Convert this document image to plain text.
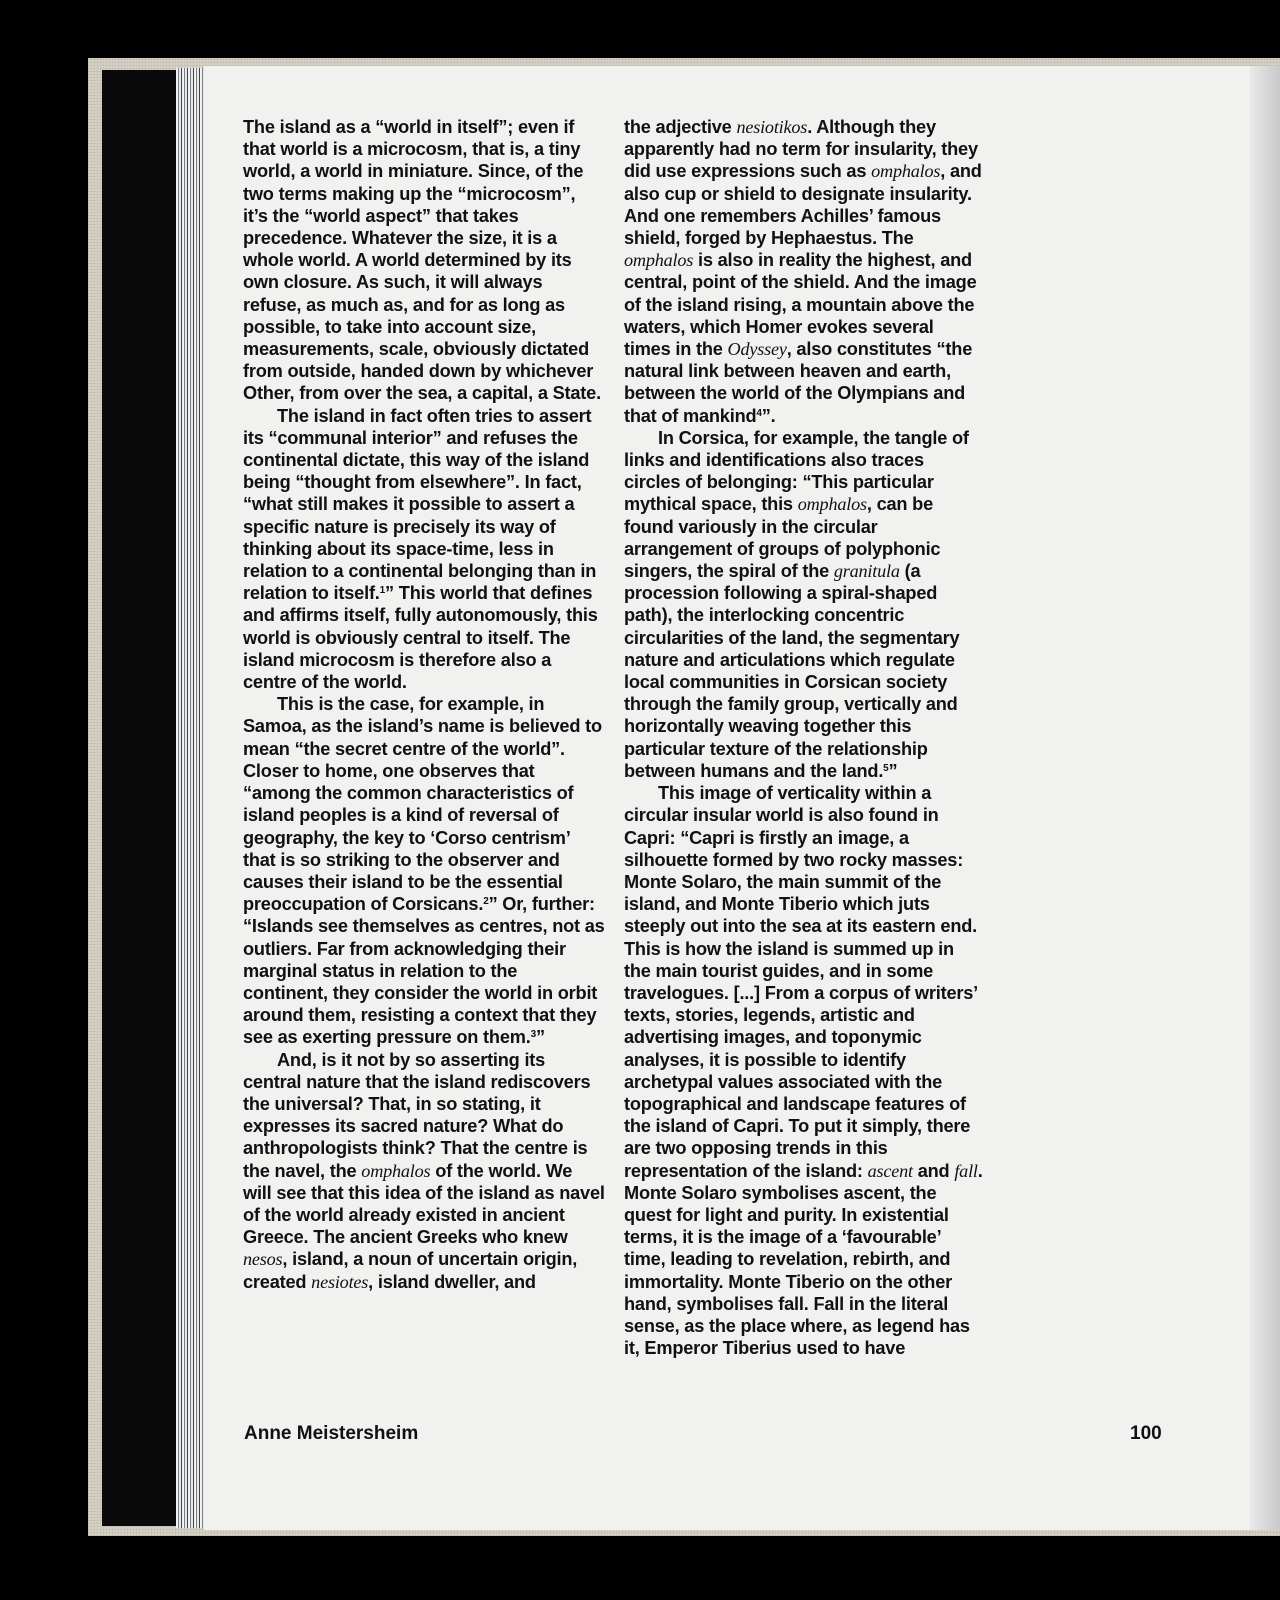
The island as a “world in itself”; even if that world is a microcosm, that is, a tiny world, a world in miniature. Since, of the two terms making up the “microcosm”, it’s the “world aspect” that takes precedence. Whatever the size, it is a whole world. A world determined by its own closure. As such, it will always refuse, as much as, and for as long as possible, to take into account size, measurements, scale, obviously dictated from outside, handed down by whichever Other, from over the sea, a capital, a State.

The island in fact often tries to assert its “communal interior” and refuses the continental dictate, this way of the island being “thought from elsewhere”. In fact, “what still makes it possible to assert a specific nature is precisely its way of thinking about its space-time, less in relation to a continental belonging than in relation to itself.$^1$” This world that defines and affirms itself, fully autonomously, this world is obviously central to itself. The island microcosm is therefore also a centre of the world.

This is the case, for example, in Samoa, as the island’s name is believed to mean “the secret centre of the world”. Closer to home, one observes that “among the common characteristics of island peoples is a kind of reversal of geography, the key to ‘Corso centrism’ that is so striking to the observer and causes their island to be the essential preoccupation of Corsicans.$^2$” Or, further: “Islands see themselves as centres, not as outliers. Far from acknowledging their marginal status in relation to the continent, they consider the world in orbit around them, resisting a context that they see as exerting pressure on them.$^3$”

And, is it not by so asserting its central nature that the island rediscovers the universal? That, in so stating, it expresses its sacred nature? What do anthropologists think? That the centre is the navel, the omphalos of the world. We will see that this idea of the island as navel of the world already existed in ancient Greece. The ancient Greeks who knew nesos, island, a noun of uncertain origin, created nesiotes, island dweller, and

the adjective nesiotikos. Although they apparently had no term for insularity, they did use expressions such as omphalos, and also cup or shield to designate insularity. And one remembers Achilles’ famous shield, forged by Hephaestus. The omphalos is also in reality the highest, and central, point of the shield. And the image of the island rising, a mountain above the waters, which Homer evokes several times in the Odyssey, also constitutes “the natural link between heaven and earth, between the world of the Olympians and that of mankind$^4$”.

In Corsica, for example, the tangle of links and identifications also traces circles of belonging: “This particular mythical space, this omphalos, can be found variously in the circular arrangement of groups of polyphonic singers, the spiral of the granitula (a procession following a spiral-shaped path), the interlocking concentric circularities of the land, the segmentary nature and articulations which regulate local communities in Corsican society through the family group, vertically and horizontally weaving together this particular texture of the relationship between humans and the land.$^5$”

This image of verticality within a circular insular world is also found in Capri: “Capri is firstly an image, a silhouette formed by two rocky masses: Monte Solaro, the main summit of the island, and Monte Tiberio which juts steeply out into the sea at its eastern end. This is how the island is summed up in the main tourist guides, and in some travelogues. [...] From a corpus of writers’ texts, stories, legends, artistic and advertising images, and toponymic analyses, it is possible to identify archetypal values associated with the topographical and landscape features of the island of Capri. To put it simply, there are two opposing trends in this representation of the island: ascent and fall. Monte Solaro symbolises ascent, the quest for light and purity. In existential terms, it is the image of a ‘favourable’ time, leading to revelation, rebirth, and immortality. Monte Tiberio on the other hand, symbolises fall. Fall in the literal sense, as the place where, as legend has it, Emperor Tiberius used to have

Anne Meistersheim	100
